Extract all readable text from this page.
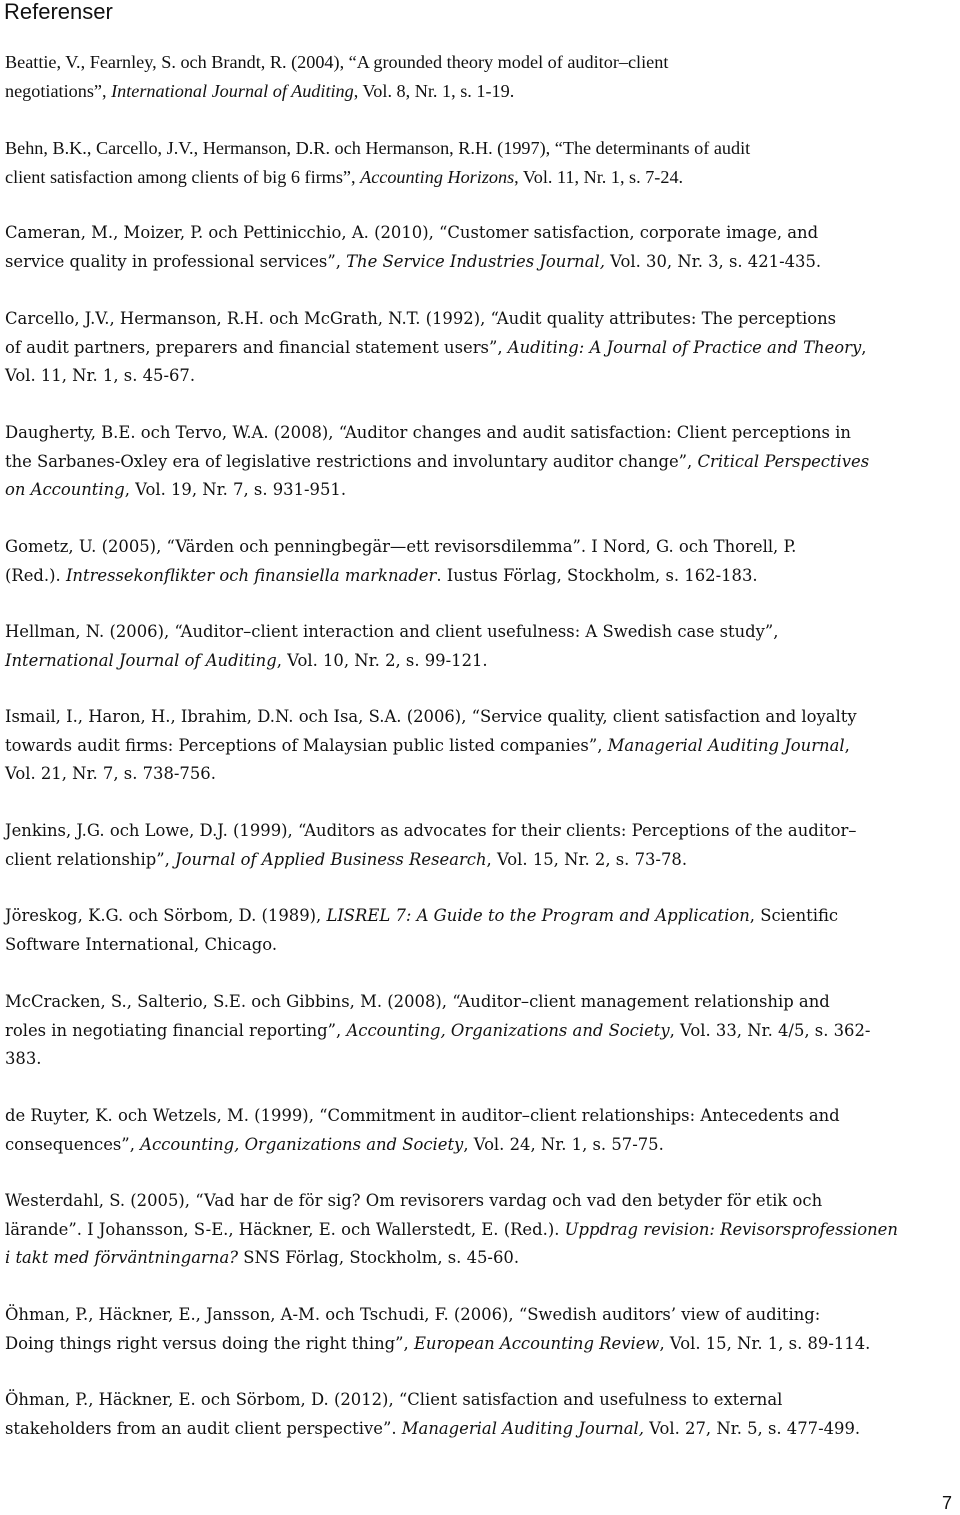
Referenser

Beattie, V., Fearnley, S. och Brandt, R. (2004), “A grounded theory model of auditor–client
negotiations”, International Journal of Auditing, Vol. 8, Nr. 1, s. 1-19.

Behn, B.K., Carcello, J.V., Hermanson, D.R. och Hermanson, R.H. (1997), “The determinants of audit
client satisfaction among clients of big 6 firms”, Accounting Horizons, Vol. 11, Nr. 1, s. 7-24.

Cameran, M., Moizer, P. och Pettinicchio, A. (2010), “Customer satisfaction, corporate image, and
service quality in professional services”, The Service Industries Journal, Vol. 30, Nr. 3, s. 421-435.

Carcello, J.V., Hermanson, R.H. och McGrath, N.T. (1992), “Audit quality attributes: The perceptions
of audit partners, preparers and financial statement users”, Auditing: A Journal of Practice and Theory,
Vol. 11, Nr. 1, s. 45-67.

Daugherty, B.E. och Tervo, W.A. (2008), “Auditor changes and audit satisfaction: Client perceptions in
the Sarbanes-Oxley era of legislative restrictions and involuntary auditor change”, Critical Perspectives
on Accounting, Vol. 19, Nr. 7, s. 931-951.

Gometz, U. (2005), “Värden och penningbegär—ett revisorsdilemma”. I Nord, G. och Thorell, P.
(Red.). Intressekonflikter och finansiella marknader. Iustus Förlag, Stockholm, s. 162-183.

Hellman, N. (2006), “Auditor–client interaction and client usefulness: A Swedish case study”,
International Journal of Auditing, Vol. 10, Nr. 2, s. 99-121.

Ismail, I., Haron, H., Ibrahim, D.N. och Isa, S.A. (2006), “Service quality, client satisfaction and loyalty
towards audit firms: Perceptions of Malaysian public listed companies”, Managerial Auditing Journal,
Vol. 21, Nr. 7, s. 738-756.

Jenkins, J.G. och Lowe, D.J. (1999), “Auditors as advocates for their clients: Perceptions of the auditor–
client relationship”, Journal of Applied Business Research, Vol. 15, Nr. 2, s. 73-78.

Jöreskog, K.G. och Sörbom, D. (1989), LISREL 7: A Guide to the Program and Application, Scientific
Software International, Chicago.

McCracken, S., Salterio, S.E. och Gibbins, M. (2008), “Auditor–client management relationship and
roles in negotiating financial reporting”, Accounting, Organizations and Society, Vol. 33, Nr. 4/5, s. 362-
383.

de Ruyter, K. och Wetzels, M. (1999), “Commitment in auditor–client relationships: Antecedents and
consequences”, Accounting, Organizations and Society, Vol. 24, Nr. 1, s. 57-75.

Westerdahl, S. (2005), “Vad har de för sig? Om revisorers vardag och vad den betyder för etik och
lärande”. I Johansson, S-E., Häckner, E. och Wallerstedt, E. (Red.). Uppdrag revision: Revisorsprofessionen
i takt med förväntningarna? SNS Förlag, Stockholm, s. 45-60.

Öhman, P., Häckner, E., Jansson, A-M. och Tschudi, F. (2006), “Swedish auditors’ view of auditing:
Doing things right versus doing the right thing”, European Accounting Review, Vol. 15, Nr. 1, s. 89-114.

Öhman, P., Häckner, E. och Sörbom, D. (2012), “Client satisfaction and usefulness to external
stakeholders from an audit client perspective”. Managerial Auditing Journal, Vol. 27, Nr. 5, s. 477-499.

7
